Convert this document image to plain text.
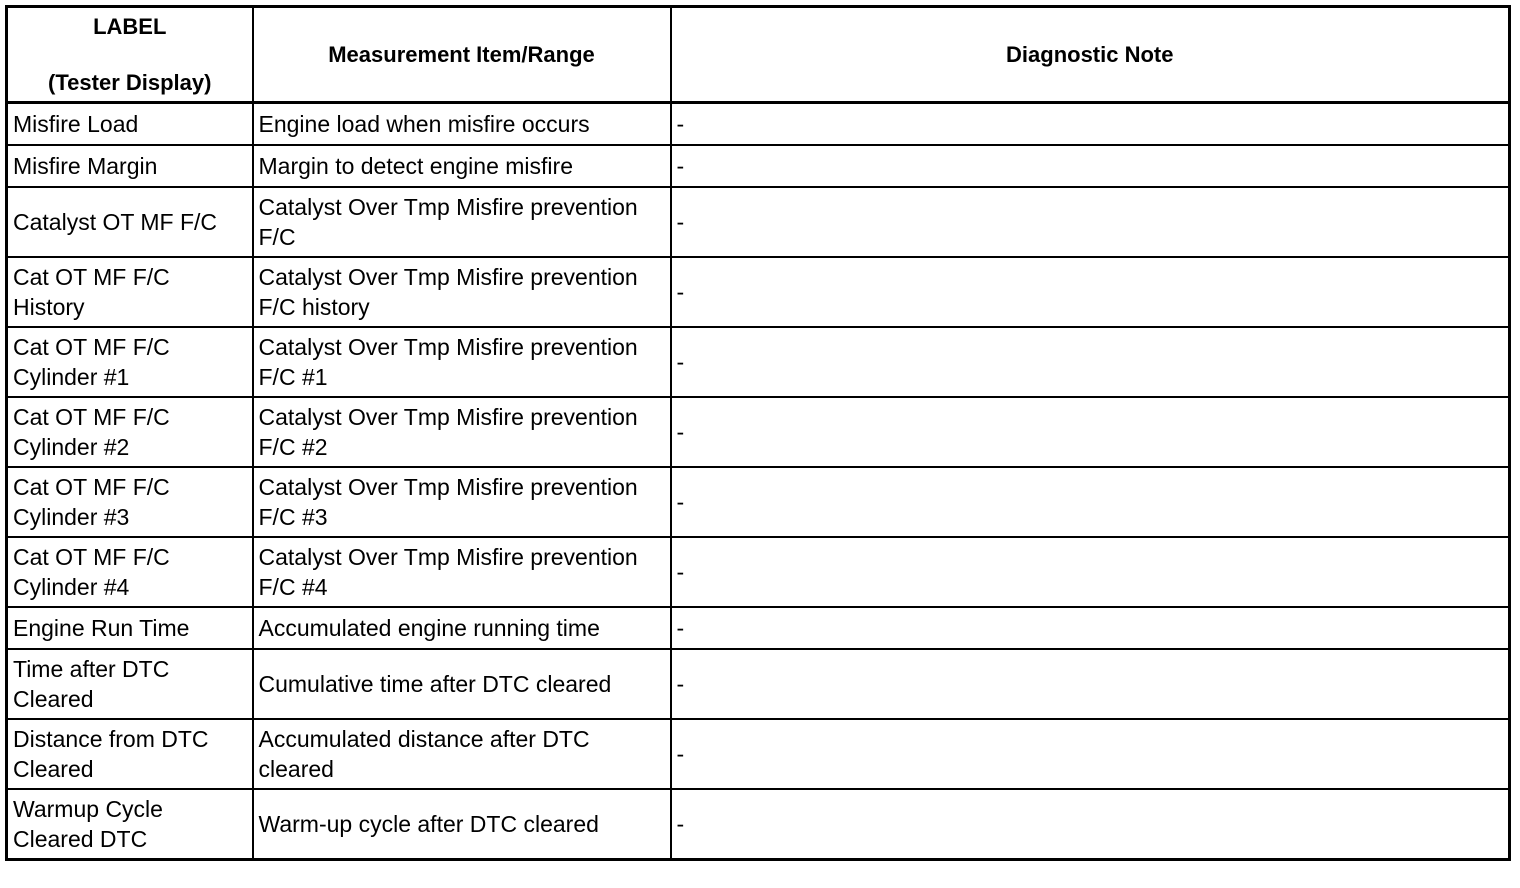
LABEL
(Tester Display)	Measurement Item/Range	Diagnostic Note
Misfire Load	Engine load when misfire occurs	-
Misfire Margin	Margin to detect engine misfire	-
Catalyst OT MF F/C	Catalyst Over Tmp Misfire prevention F/C	-
Cat OT MF F/C History	Catalyst Over Tmp Misfire prevention F/C history	-
Cat OT MF F/C Cylinder #1	Catalyst Over Tmp Misfire prevention F/C #1	-
Cat OT MF F/C Cylinder #2	Catalyst Over Tmp Misfire prevention F/C #2	-
Cat OT MF F/C Cylinder #3	Catalyst Over Tmp Misfire prevention F/C #3	-
Cat OT MF F/C Cylinder #4	Catalyst Over Tmp Misfire prevention F/C #4	-
Engine Run Time	Accumulated engine running time	-
Time after DTC Cleared	Cumulative time after DTC cleared	-
Distance from DTC Cleared	Accumulated distance after DTC cleared	-
Warmup Cycle Cleared DTC	Warm-up cycle after DTC cleared	-
